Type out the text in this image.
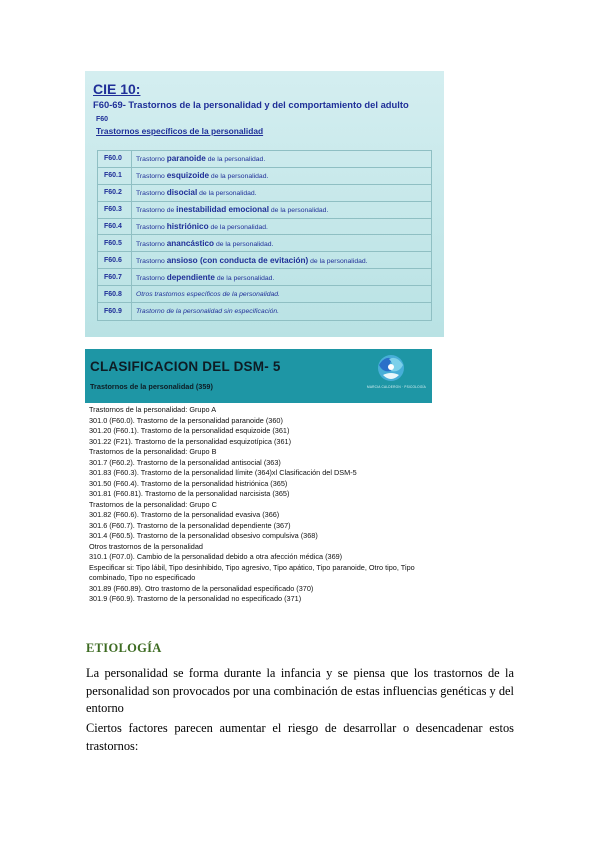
CIE 10:
F60-69- Trastornos de la personalidad y del comportamiento del adulto
F60
Trastornos específicos de la personalidad
F60.0	Trastorno paranoide de la personalidad.
F60.1	Trastorno esquizoide de la personalidad.
F60.2	Trastorno disocial de la personalidad.
F60.3	Trastorno de inestabilidad emocional de la personalidad.
F60.4	Trastorno histriónico de la personalidad.
F60.5	Trastorno anancástico de la personalidad.
F60.6	Trastorno ansioso (con conducta de evitación) de la personalidad.
F60.7	Trastorno dependiente de la personalidad.
F60.8	Otros trastornos específicos de la personalidad.
F60.9	Trastorno de la personalidad sin especificación.
CLASIFICACION DEL DSM- 5
Trastornos de la personalidad (359)	MARCIA CALDERON · PSICOLOGÍA
Trastornos de la personalidad: Grupo A
301.0 (F60.0). Trastorno de la personalidad paranoide (360)
301.20 (F60.1). Trastorno de la personalidad esquizoide (361)
301.22 (F21). Trastorno de la personalidad esquizotípica (361)
Trastornos de la personalidad: Grupo B
301.7 (F60.2). Trastorno de la personalidad antisocial (363)
301.83 (F60.3). Trastorno de la personalidad límite (364)xl Clasificación del DSM-5
301.50 (F60.4). Trastorno de la personalidad histriónica (365)
301.81 (F60.81). Trastorno de la personalidad narcisista (365)
Trastornos de la personalidad: Grupo C
301.82 (F60.6). Trastorno de la personalidad evasiva (366)
301.6 (F60.7). Trastorno de la personalidad dependiente (367)
301.4 (F60.5). Trastorno de la personalidad obsesivo compulsiva (368)
Otros trastornos de la personalidad
310.1 (F07.0). Cambio de la personalidad debido a otra afección médica (369)
Especificar si: Tipo lábil, Tipo desinhibido, Tipo agresivo, Tipo apático, Tipo paranoide, Otro tipo, Tipo combinado, Tipo no especificado
301.89 (F60.89). Otro trastorno de la personalidad especificado (370)
301.9 (F60.9). Trastorno de la personalidad no especificado (371)
ETIOLOGÍA
La personalidad se forma durante la infancia y se piensa que los trastornos de la personalidad son provocados por una combinación de estas influencias genéticas y del entorno
Ciertos factores parecen aumentar el riesgo de desarrollar o desencadenar estos trastornos:
